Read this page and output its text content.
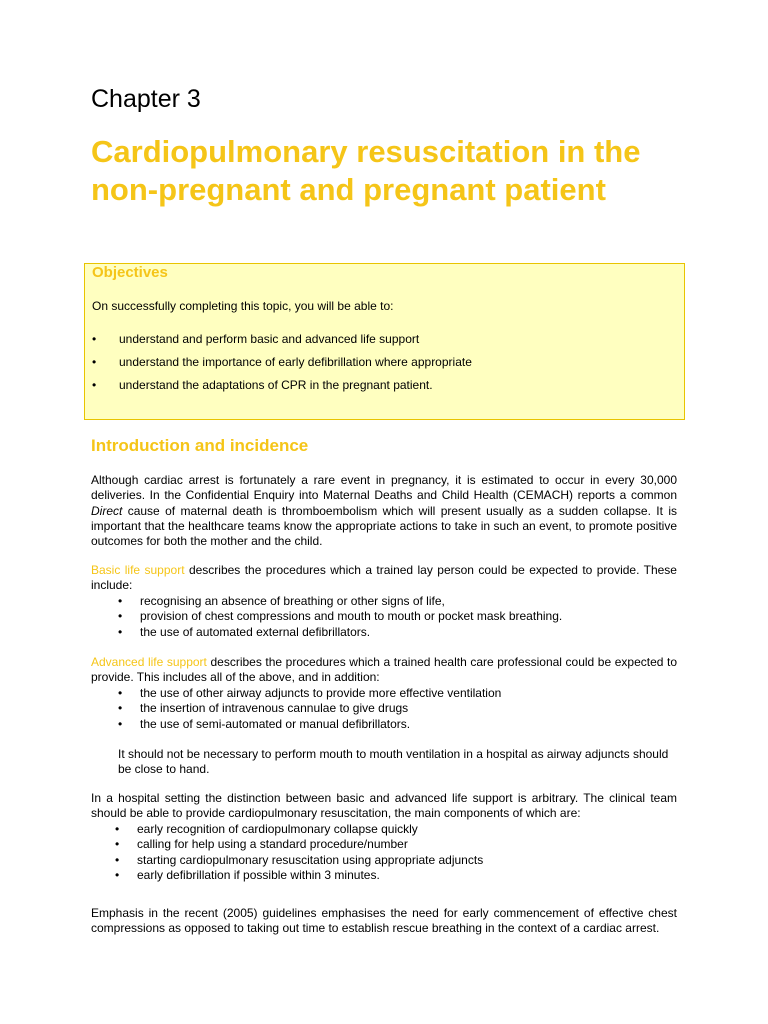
Chapter 3
Cardiopulmonary resuscitation in the non-pregnant and pregnant patient
Objectives
On successfully completing this topic, you will be able to:
• understand and perform basic and advanced life support
• understand the importance of early defibrillation where appropriate
• understand the adaptations of CPR in the pregnant patient.
Introduction and incidence

Although cardiac arrest is fortunately a rare event in pregnancy, it is estimated to occur in every 30,000 deliveries. In the Confidential Enquiry into Maternal Deaths and Child Health (CEMACH) reports a common Direct cause of maternal death is thromboembolism which will present usually as a sudden collapse. It is important that the healthcare teams know the appropriate actions to take in such an event, to promote positive outcomes for both the mother and the child.

Basic life support describes the procedures which a trained lay person could be expected to provide. These include:

• recognising an absence of breathing or other signs of life,
• provision of chest compressions and mouth to mouth or pocket mask breathing.
• the use of automated external defibrillators.

Advanced life support describes the procedures which a trained health care professional could be expected to provide. This includes all of the above, and in addition:

• the use of other airway adjuncts to provide more effective ventilation
• the insertion of intravenous cannulae to give drugs
• the use of semi-automated or manual defibrillators.

It should not be necessary to perform mouth to mouth ventilation in a hospital as airway adjuncts should be close to hand.

In a hospital setting the distinction between basic and advanced life support is arbitrary. The clinical team should be able to provide cardiopulmonary resuscitation, the main components of which are:

• early recognition of cardiopulmonary collapse quickly
• calling for help using a standard procedure/number
• starting cardiopulmonary resuscitation using appropriate adjuncts
• early defibrillation if possible within 3 minutes.

Emphasis in the recent (2005) guidelines emphasises the need for early commencement of effective chest compressions as opposed to taking out time to establish rescue breathing in the context of a cardiac arrest.
